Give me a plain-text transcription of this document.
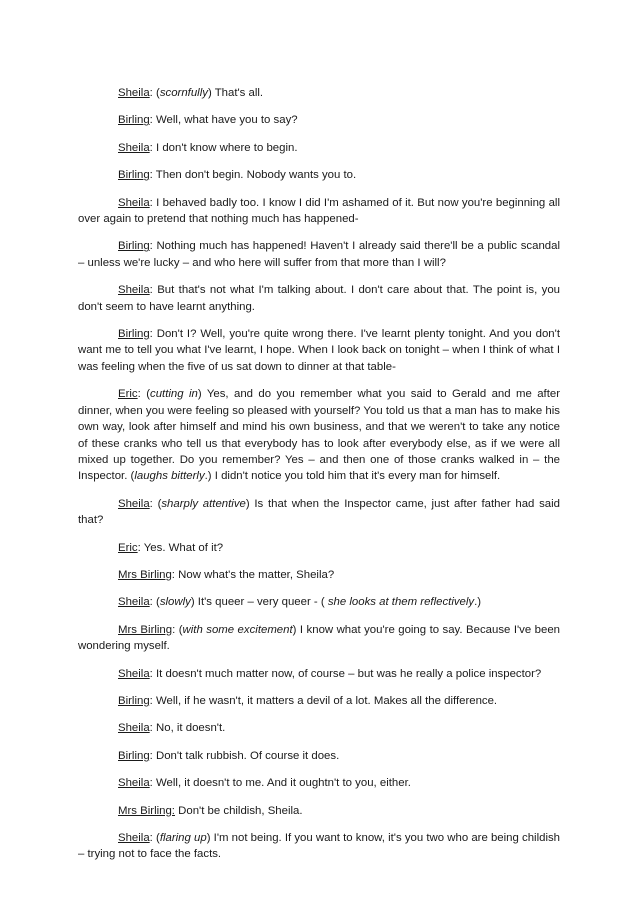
Sheila: (scornfully) That's all.

Birling: Well, what have you to say?

Sheila: I don't know where to begin.

Birling: Then don't begin. Nobody wants you to.

Sheila: I behaved badly too. I know I did I'm ashamed of it. But now you're beginning all over again to pretend that nothing much has happened-

Birling: Nothing much has happened! Haven't I already said there'll be a public scandal – unless we're lucky – and who here will suffer from that more than I will?

Sheila: But that's not what I'm talking about. I don't care about that. The point is, you don't seem to have learnt anything.

Birling: Don't I? Well, you're quite wrong there. I've learnt plenty tonight. And you don't want me to tell you what I've learnt, I hope. When I look back on tonight – when I think of what I was feeling when the five of us sat down to dinner at that table-

Eric: (cutting in) Yes, and do you remember what you said to Gerald and me after dinner, when you were feeling so pleased with yourself? You told us that a man has to make his own way, look after himself and mind his own business, and that we weren't to take any notice of these cranks who tell us that everybody has to look after everybody else, as if we were all mixed up together. Do you remember? Yes – and then one of those cranks walked in – the Inspector. (laughs bitterly.) I didn't notice you told him that it's every man for himself.

Sheila: (sharply attentive) Is that when the Inspector came, just after father had said that?

Eric: Yes. What of it?

Mrs Birling: Now what's the matter, Sheila?

Sheila: (slowly) It's queer – very queer - ( she looks at them reflectively.)

Mrs Birling: (with some excitement) I know what you're going to say. Because I've been wondering myself.

Sheila: It doesn't much matter now, of course – but was he really a police inspector?

Birling: Well, if he wasn't, it matters a devil of a lot. Makes all the difference.

Sheila: No, it doesn't.

Birling: Don't talk rubbish. Of course it does.

Sheila: Well, it doesn't to me. And it oughtn't to you, either.

Mrs Birling: Don't be childish, Sheila.

Sheila: (flaring up) I'm not being. If you want to know, it's you two who are being childish – trying not to face the facts.
